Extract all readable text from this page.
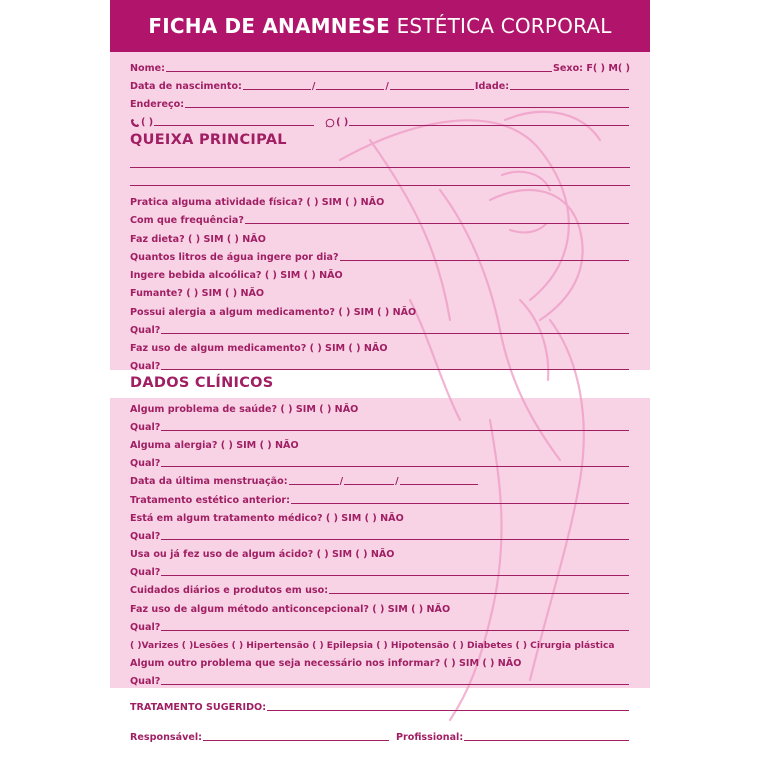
FICHA DE ANAMNESE ESTÉTICA CORPORAL
Nome:	Sexo: F( ) M( )
Data de nascimento:	/	/	Idade:
Endereço:
( )	( )
QUEIXA PRINCIPAL
Pratica alguma atividade física? ( ) SIM ( ) NÃO
Com que frequência?
Faz dieta? ( ) SIM ( ) NÃO
Quantos litros de água ingere por dia?
Ingere bebida alcoólica? ( ) SIM ( ) NÃO
Fumante? ( ) SIM ( ) NÃO
Possui alergia a algum medicamento? ( ) SIM ( ) NÃO
Qual?
Faz uso de algum medicamento? ( ) SIM ( ) NÃO
Qual?
DADOS CLÍNICOS
Algum problema de saúde? ( ) SIM ( ) NÃO
Qual?
Alguma alergia? ( ) SIM ( ) NÃO
Qual?
Data da última menstruação:	/	/
Tratamento estético anterior:
Está em algum tratamento médico? ( ) SIM ( ) NÃO
Qual?
Usa ou já fez uso de algum ácido? ( ) SIM ( ) NÃO
Qual?
Cuidados diários e produtos em uso:
Faz uso de algum método anticoncepcional? ( ) SIM ( ) NÃO
Qual?
( )Varizes ( )Lesões ( ) Hipertensão ( ) Epilepsia ( ) Hipotensão ( ) Diabetes ( ) Cirurgia plástica
Algum outro problema que seja necessário nos informar? ( ) SIM ( ) NÃO
Qual?
TRATAMENTO SUGERIDO:
Responsável:	Profissional:
